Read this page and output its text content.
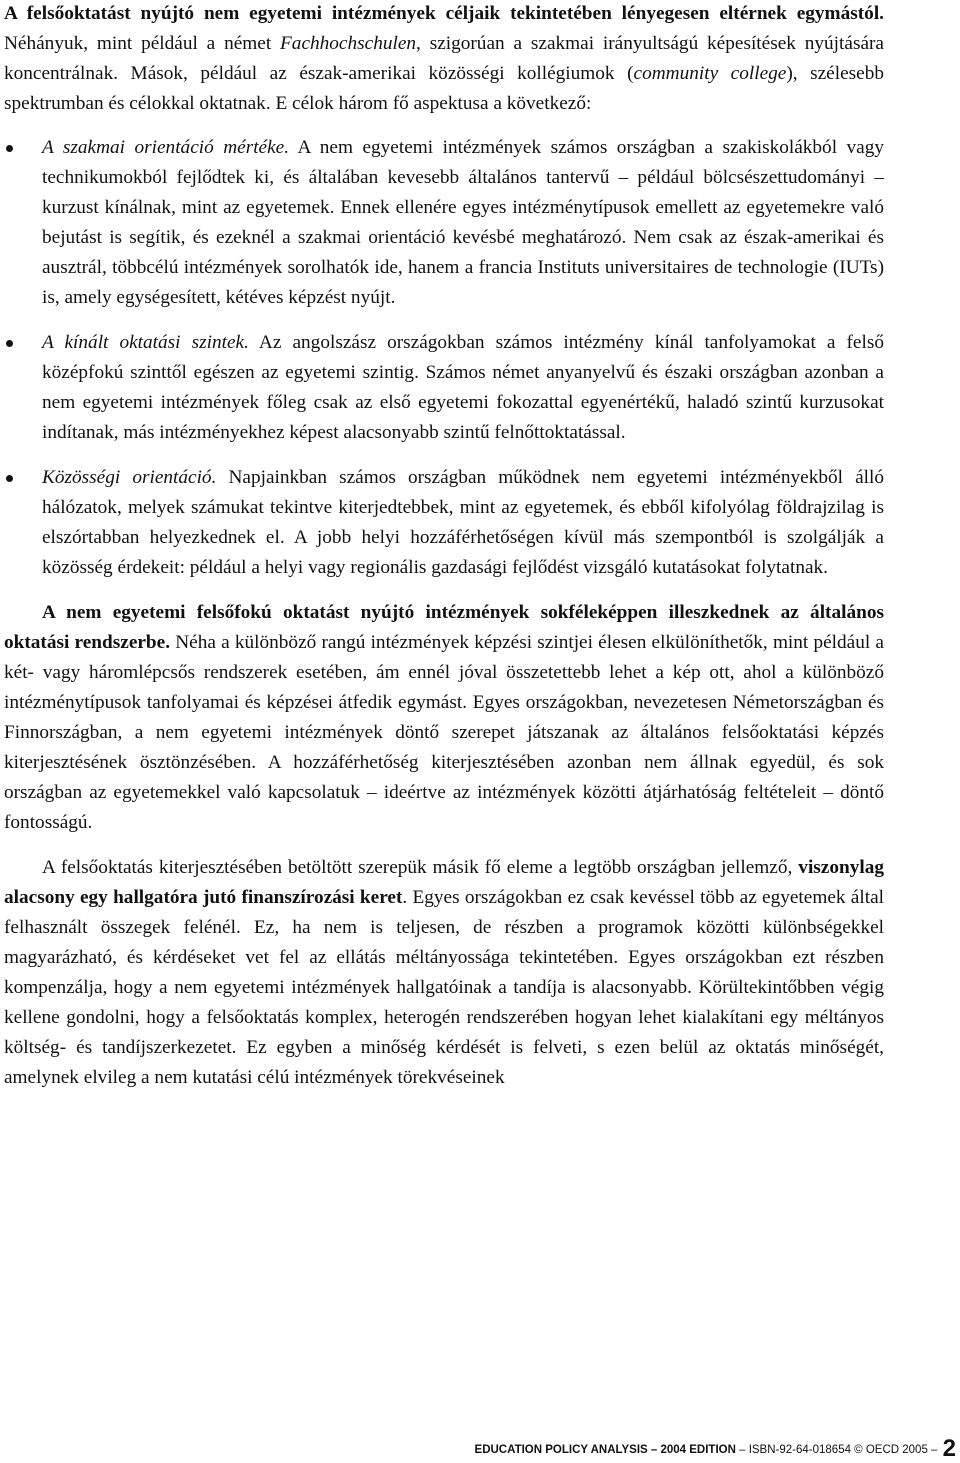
A felsőoktatást nyújtó nem egyetemi intézmények céljaik tekintetében lényegesen eltérnek egymástól. Néhányuk, mint például a német Fachhochschulen, szigorúan a szakmai irányultságú képesítések nyújtására koncentrálnak. Mások, például az észak-amerikai közösségi kollégiumok (community college), szélesebb spektrumban és célokkal oktatnak. E célok három fő aspektusa a következő:

A szakmai orientáció mértéke. A nem egyetemi intézmények számos országban a szakiskolákból vagy technikumokból fejlődtek ki, és általában kevesebb általános tantervű – például bölcsészettudományi – kurzust kínálnak, mint az egyetemek. Ennek ellenére egyes intézménytípusok emellett az egyetemekre való bejutást is segítik, és ezeknél a szakmai orientáció kevésbé meghatározó. Nem csak az észak-amerikai és ausztrál, többcélú intézmények sorolhatók ide, hanem a francia Instituts universitaires de technologie (IUTs) is, amely egységesített, kétéves képzést nyújt.
A kínált oktatási szintek. Az angolszász országokban számos intézmény kínál tanfolyamokat a felső középfokú szinttől egészen az egyetemi szintig. Számos német anyanyelvű és északi országban azonban a nem egyetemi intézmények főleg csak az első egyetemi fokozattal egyenértékű, haladó szintű kurzusokat indítanak, más intézményekhez képest alacsonyabb szintű felnőttoktatással.
Közösségi orientáció. Napjainkban számos országban működnek nem egyetemi intézményekből álló hálózatok, melyek számukat tekintve kiterjedtebbek, mint az egyetemek, és ebből kifolyólag földrajzilag is elszórtabban helyezkednek el. A jobb helyi hozzáférhetőségen kívül más szempontból is szolgálják a közösség érdekeit: például a helyi vagy regionális gazdasági fejlődést vizsgáló kutatásokat folytatnak.

A nem egyetemi felsőfokú oktatást nyújtó intézmények sokféleképpen illeszkednek az általános oktatási rendszerbe. Néha a különböző rangú intézmények képzési szintjei élesen elkülöníthetők, mint például a két- vagy háromlépcsős rendszerek esetében, ám ennél jóval összetettebb lehet a kép ott, ahol a különböző intézménytípusok tanfolyamai és képzései átfedik egymást. Egyes országokban, nevezetesen Németországban és Finnországban, a nem egyetemi intézmények döntő szerepet játszanak az általános felsőoktatási képzés kiterjesztésének ösztönzésében. A hozzáférhetőség kiterjesztésében azonban nem állnak egyedül, és sok országban az egyetemekkel való kapcsolatuk – ideértve az intézmények közötti átjárhatóság feltételeit – döntő fontosságú.

A felsőoktatás kiterjesztésében betöltött szerepük másik fő eleme a legtöbb országban jellemző, viszonylag alacsony egy hallgatóra jutó finanszírozási keret. Egyes országokban ez csak kevéssel több az egyetemek által felhasznált összegek felénél. Ez, ha nem is teljesen, de részben a programok közötti különbségekkel magyarázható, és kérdéseket vet fel az ellátás méltányossága tekintetében. Egyes országokban ezt részben kompenzálja, hogy a nem egyetemi intézmények hallgatóinak a tandíja is alacsonyabb. Körültekintőbben végig kellene gondolni, hogy a felsőoktatás komplex, heterogén rendszerében hogyan lehet kialakítani egy méltányos költség- és tandíjszerkezetet. Ez egyben a minőség kérdését is felveti, s ezen belül az oktatás minőségét, amelynek elvileg a nem kutatási célú intézmények törekvéseinek

EDUCATION POLICY ANALYSIS – 2004 EDITION – ISBN-92-64-018654 © OECD 2005 – 2
